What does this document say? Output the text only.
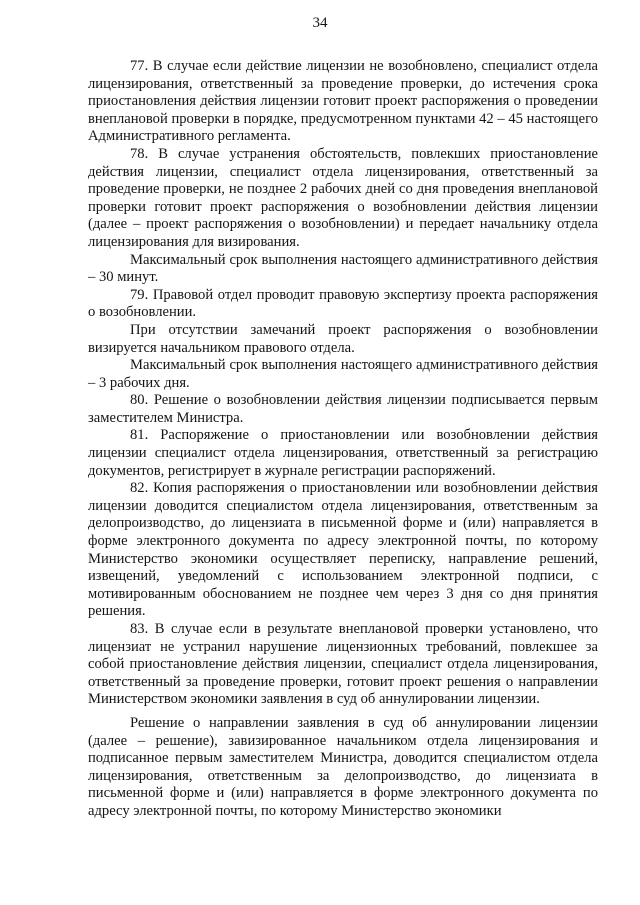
34

77. В случае если действие лицензии не возобновлено, специалист отдела лицензирования, ответственный за проведение проверки, до истечения срока приостановления действия лицензии готовит проект распоряжения о проведении внеплановой проверки в порядке, предусмотренном пунктами 42 – 45 настоящего Административного регламента.

78. В случае устранения обстоятельств, повлекших приостановление действия лицензии, специалист отдела лицензирования, ответственный за проведение проверки, не позднее 2 рабочих дней со дня проведения внеплановой проверки готовит проект распоряжения о возобновлении действия лицензии (далее – проект распоряжения о возобновлении) и передает начальнику отдела лицензирования для визирования.

Максимальный срок выполнения настоящего административного действия – 30 минут.

79. Правовой отдел проводит правовую экспертизу проекта распоряжения о возобновлении.

При отсутствии замечаний проект распоряжения о возобновлении визируется начальником правового отдела.

Максимальный срок выполнения настоящего административного действия – 3 рабочих дня.

80. Решение о возобновлении действия лицензии подписывается первым заместителем Министра.

81. Распоряжение о приостановлении или возобновлении действия лицензии специалист отдела лицензирования, ответственный за регистрацию документов, регистрирует в журнале регистрации распоряжений.

82. Копия распоряжения о приостановлении или возобновлении действия лицензии доводится специалистом отдела лицензирования, ответственным за делопроизводство, до лицензиата в письменной форме и (или) направляется в форме электронного документа по адресу электронной почты, по которому Министерство экономики осуществляет переписку, направление решений, извещений, уведомлений с использованием электронной подписи, с мотивированным обоснованием не позднее чем через 3 дня со дня принятия решения.

83. В случае если в результате внеплановой проверки установлено, что лицензиат не устранил нарушение лицензионных требований, повлекшее за собой приостановление действия лицензии, специалист отдела лицензирования, ответственный за проведение проверки, готовит проект решения о направлении Министерством экономики заявления в суд об аннулировании лицензии.

Решение о направлении заявления в суд об аннулировании лицензии (далее – решение), завизированное начальником отдела лицензирования и подписанное первым заместителем Министра, доводится специалистом отдела лицензирования, ответственным за делопроизводство, до лицензиата в письменной форме и (или) направляется в форме электронного документа по адресу электронной почты, по которому Министерство экономики
